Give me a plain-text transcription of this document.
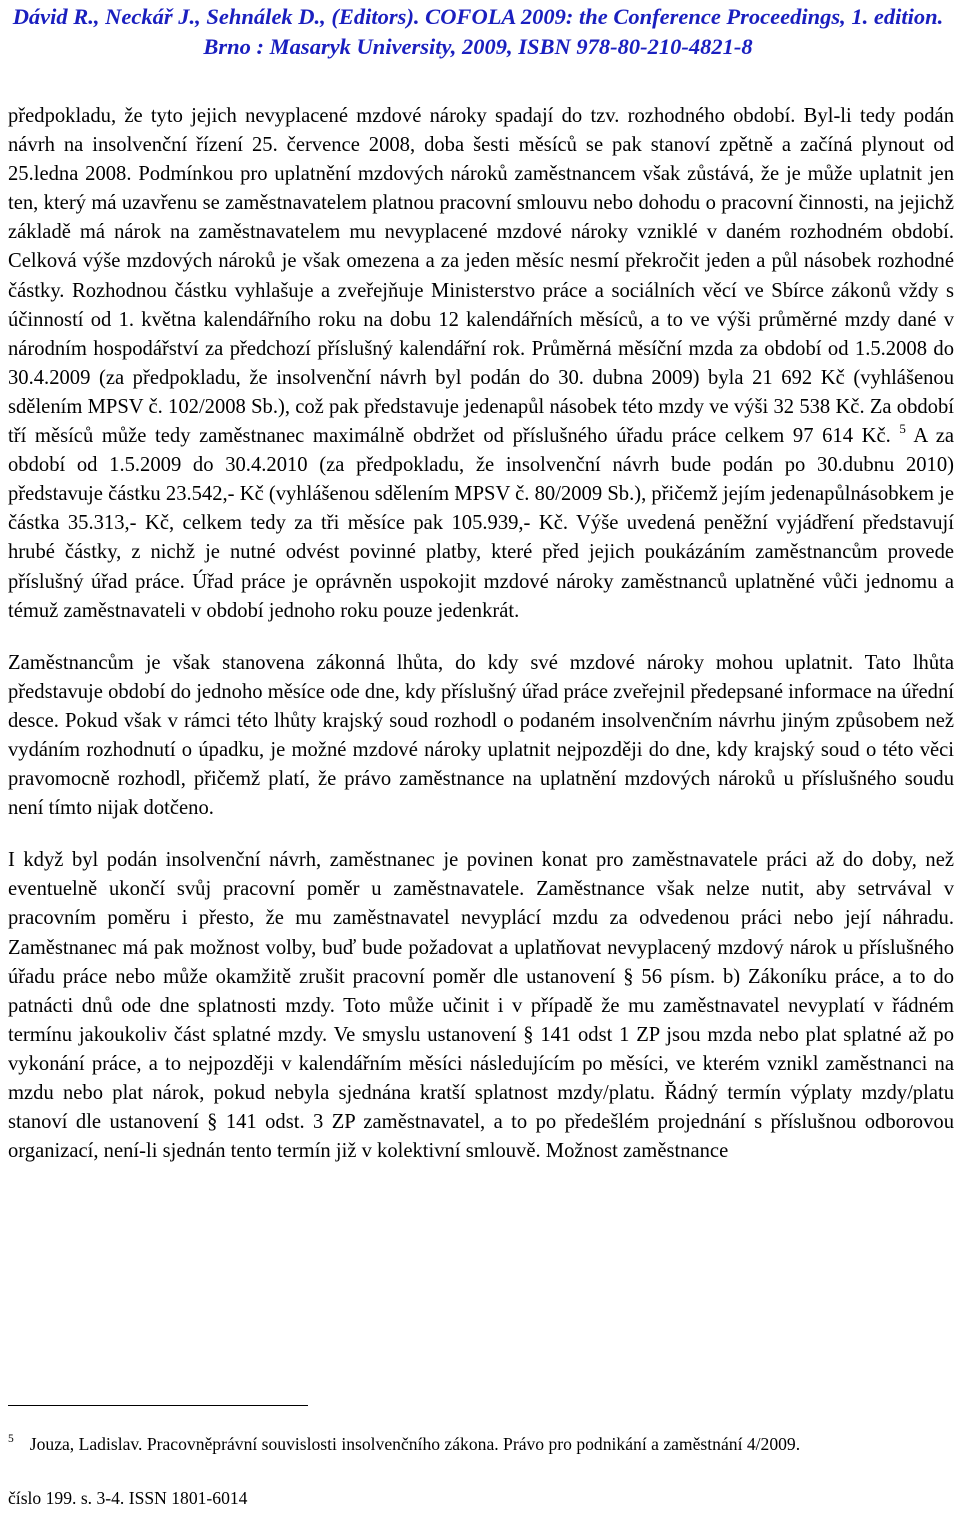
Dávid R., Neckář J., Sehnálek D., (Editors). COFOLA 2009: the Conference Proceedings, 1. edition.
Brno : Masaryk University, 2009, ISBN 978-80-210-4821-8

předpokladu, že tyto jejich nevyplacené mzdové nároky spadají do tzv. rozhodného období. Byl-li tedy podán návrh na insolvenční řízení 25. července 2008, doba šesti měsíců se pak stanoví zpětně a začíná plynout od 25.ledna 2008. Podmínkou pro uplatnění mzdových nároků zaměstnancem však zůstává, že je může uplatnit jen ten, který má uzavřenu se zaměstnavatelem platnou pracovní smlouvu nebo dohodu o pracovní činnosti, na jejichž základě má nárok na zaměstnavatelem mu nevyplacené mzdové nároky vzniklé v daném rozhodném období. Celková výše mzdových nároků je však omezena a za jeden měsíc nesmí překročit jeden a půl násobek rozhodné částky. Rozhodnou částku vyhlašuje a zveřejňuje Ministerstvo práce a sociálních věcí ve Sbírce zákonů vždy s účinností od 1. května kalendářního roku na dobu 12 kalendářních měsíců, a to ve výši průměrné mzdy dané v národním hospodářství za předchozí příslušný kalendářní rok. Průměrná měsíční mzda za období od 1.5.2008 do 30.4.2009 (za předpokladu, že insolvenční návrh byl podán do 30. dubna 2009) byla 21 692 Kč (vyhlášenou sdělením MPSV č. 102/2008 Sb.), což pak představuje jedenapůl násobek této mzdy ve výši 32 538 Kč. Za období tří měsíců může tedy zaměstnanec maximálně obdržet od příslušného úřadu práce celkem 97 614 Kč. $^5$ A za období od 1.5.2009 do 30.4.2010 (za předpokladu, že insolvenční návrh bude podán po 30.dubnu 2010) představuje částku 23.542,- Kč (vyhlášenou sdělením MPSV č. 80/2009 Sb.), přičemž jejím jedenapůlnásobkem je částka 35.313,- Kč, celkem tedy za tři měsíce pak 105.939,- Kč. Výše uvedená peněžní vyjádření představují hrubé částky, z nichž je nutné odvést povinné platby, které před jejich poukázáním zaměstnancům provede příslušný úřad práce. Úřad práce je oprávněn uspokojit mzdové nároky zaměstnanců uplatněné vůči jednomu a témuž zaměstnavateli v období jednoho roku pouze jedenkrát.

Zaměstnancům je však stanovena zákonná lhůta, do kdy své mzdové nároky mohou uplatnit. Tato lhůta představuje období do jednoho měsíce ode dne, kdy příslušný úřad práce zveřejnil předepsané informace na úřední desce. Pokud však v rámci této lhůty krajský soud rozhodl o podaném insolvenčním návrhu jiným způsobem než vydáním rozhodnutí o úpadku, je možné mzdové nároky uplatnit nejpozději do dne, kdy krajský soud o této věci pravomocně rozhodl, přičemž platí, že právo zaměstnance na uplatnění mzdových nároků u příslušného soudu není tímto nijak dotčeno.

I když byl podán insolvenční návrh, zaměstnanec je povinen konat pro zaměstnavatele práci až do doby, než eventuelně ukončí svůj pracovní poměr u zaměstnavatele. Zaměstnance však nelze nutit, aby setrvával v pracovním poměru i přesto, že mu zaměstnavatel nevyplácí mzdu za odvedenou práci nebo její náhradu. Zaměstnanec má pak možnost volby, buď bude požadovat a uplatňovat nevyplacený mzdový nárok u příslušného úřadu práce nebo může okamžitě zrušit pracovní poměr dle ustanovení § 56 písm. b) Zákoníku práce, a to do patnácti dnů ode dne splatnosti mzdy. Toto může učinit i v případě že mu zaměstnavatel nevyplatí v řádném termínu jakoukoliv část splatné mzdy. Ve smyslu ustanovení § 141 odst 1 ZP jsou mzda nebo plat splatné až po vykonání práce, a to nejpozději v kalendářním měsíci následujícím po měsíci, ve kterém vznikl zaměstnanci na mzdu nebo plat nárok, pokud nebyla sjednána kratší splatnost mzdy/platu. Řádný termín výplaty mzdy/platu stanoví dle ustanovení § 141 odst. 3 ZP zaměstnavatel, a to po předešlém projednání s příslušnou odborovou organizací, není-li sjednán tento termín již v kolektivní smlouvě. Možnost zaměstnance

$^5$ Jouza, Ladislav. Pracovněprávní souvislosti insolvenčního zákona. Právo pro podnikání a zaměstnání 4/2009.
číslo 199. s. 3-4. ISSN 1801-6014
